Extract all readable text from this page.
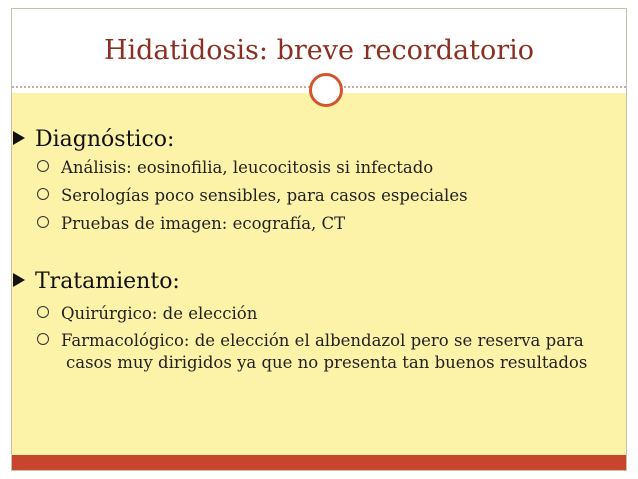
Hidatidosis: breve recordatorio
Diagnóstico:
Análisis: eosinofilia, leucocitosis si infectado
Serologías poco sensibles, para casos especiales
Pruebas de imagen: ecografía, CT
Tratamiento:
Quirúrgico: de elección
Farmacológico: de elección el albendazol pero se reserva para
casos muy dirigidos ya que no presenta tan buenos resultados
